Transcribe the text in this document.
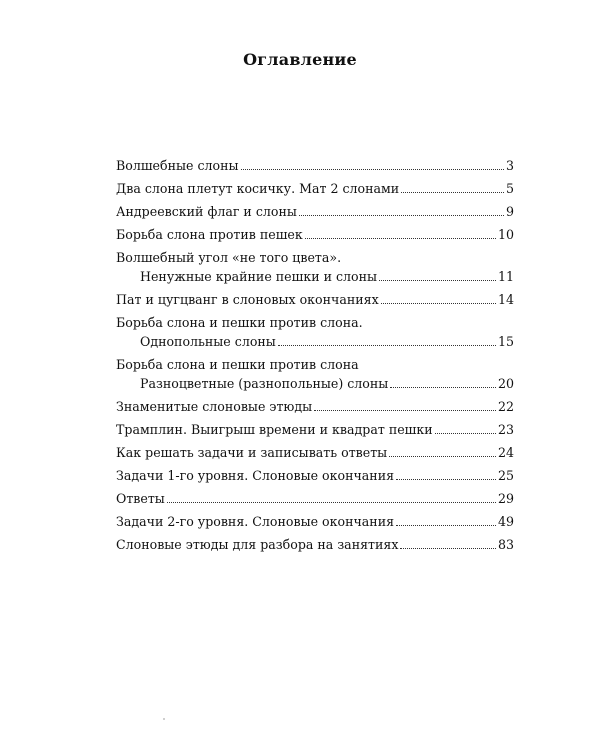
Оглавление
Волшебные слоны	3
Два слона плетут косичку. Мат 2 слонами	5
Андреевский флаг и слоны	9
Борьба слона против пешек	10
Волшебный угол «не того цвета».
Ненужные крайние пешки и слоны	11
Пат и цугцванг в слоновых окончаниях	14
Борьба слона и пешки против слона.
Однопольные слоны	15
Борьба слона и пешки против слона
Разноцветные (разнопольные) слоны	20
Знаменитые слоновые этюды	22
Трамплин. Выигрыш времени и квадрат пешки	23
Как решать задачи и записывать ответы	24
Задачи 1-го уровня. Слоновые окончания	25
Ответы	29
Задачи 2-го уровня. Слоновые окончания	49
Слоновые этюды для разбора на занятиях	83
